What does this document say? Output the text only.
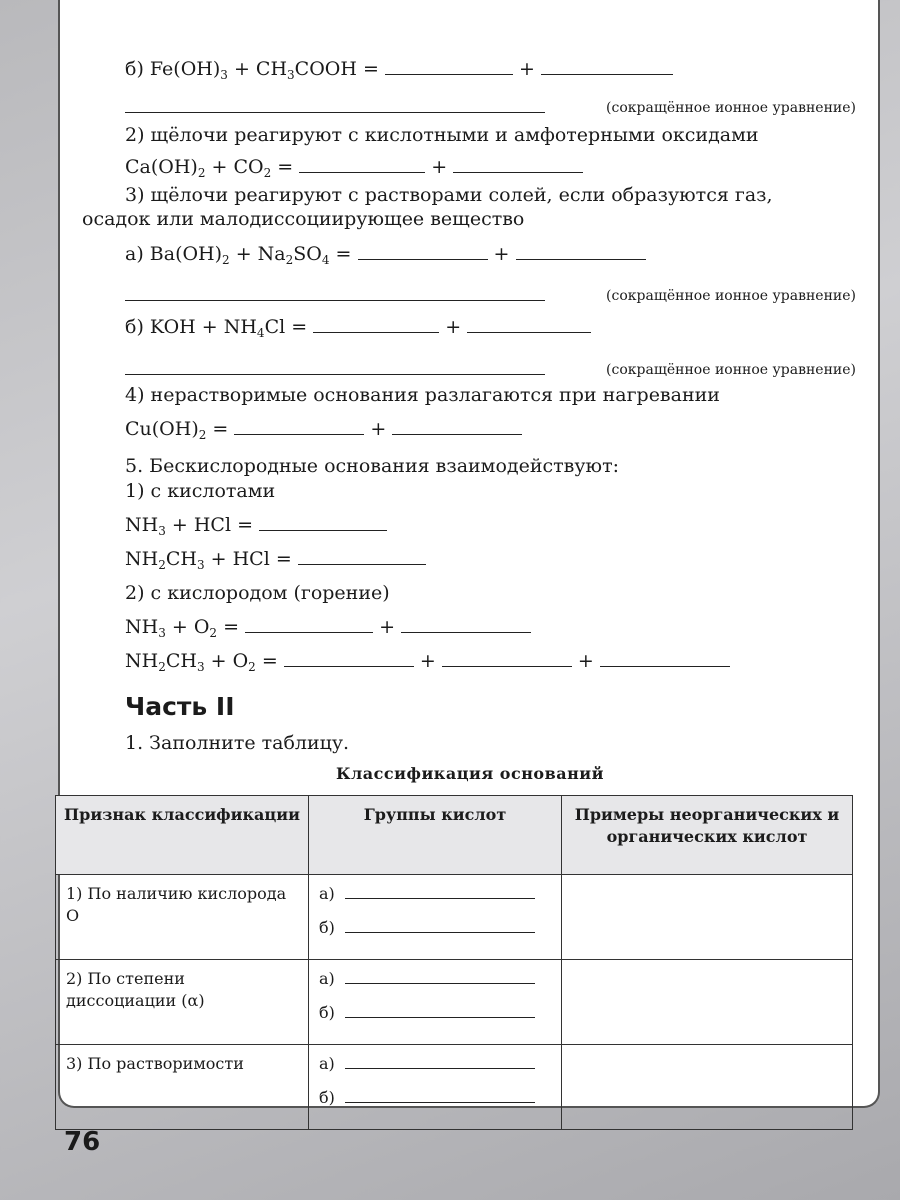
б) $Fe(OH)_3$ + $CH_3COOH$ =	+
(сокращённое ионное уравнение)
2) щёлочи реагируют с кислотными и амфотерными оксидами
$Ca(OH)_2 + CO_2$ =	+
3) щёлочи реагируют с растворами солей, если образуются газ,
осадок или малодиссоциирующее вещество
а) $Ba(OH)_2 + Na_2SO_4$ =	+
(сокращённое ионное уравнение)
б) KOH + $NH_4Cl$ =	+
(сокращённое ионное уравнение)
4) нерастворимые основания разлагаются при нагревании
$Cu(OH)_2$ =	+
5. Бескислородные основания взаимодействуют:
1) с кислотами
$NH_3$ + HCl =
$NH_2CH_3$ + HCl =
2) с кислородом (горение)
$NH_3 + O_2$ =	+
$NH_2CH_3 + O_2$ =	+	+
Часть II
1. Заполните таблицу.
Классификация оснований
Признак классификации	Группы кислот	Примеры неорганических и органических кислот
1) По наличию кислорода О	а)
б)	

2) По степени диссоциации (α)	а)
б)	

3) По растворимости	а)
б)	

76
